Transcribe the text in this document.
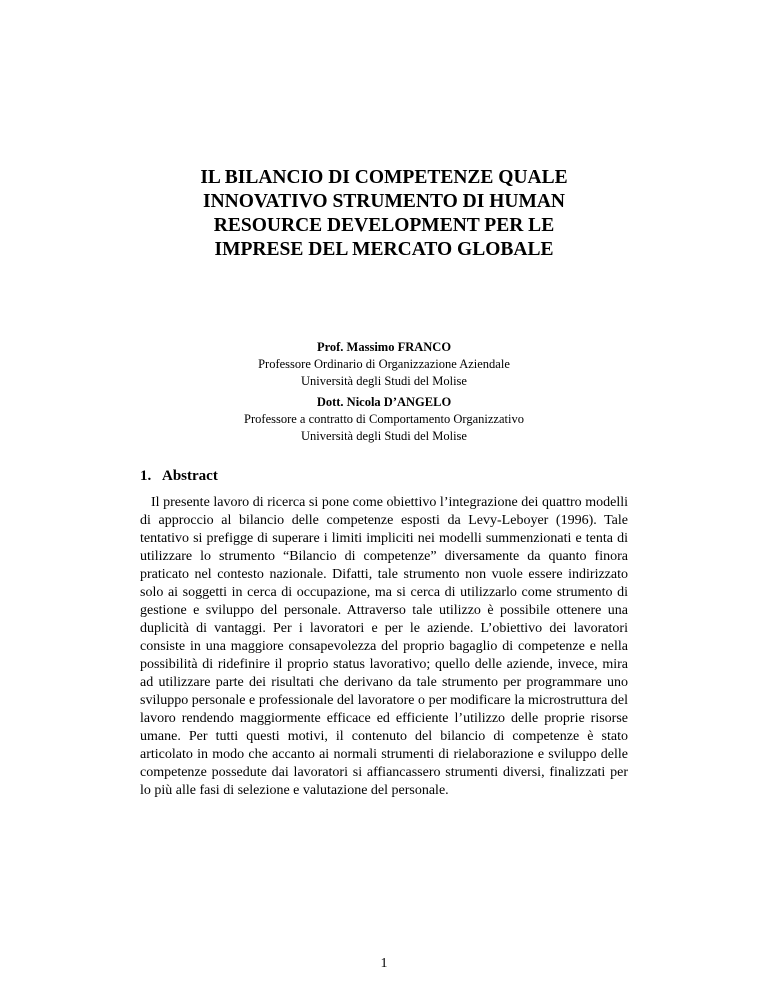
IL BILANCIO DI COMPETENZE QUALE
INNOVATIVO STRUMENTO DI HUMAN
RESOURCE DEVELOPMENT PER LE
IMPRESE DEL MERCATO GLOBALE
Prof. Massimo FRANCO
Professore Ordinario di Organizzazione Aziendale
Università degli Studi del Molise
Dott. Nicola D’ANGELO
Professore a contratto di Comportamento Organizzativo
Università degli Studi del Molise
1. Abstract

Il presente lavoro di ricerca si pone come obiettivo l’integrazione dei quattro modelli di approccio al bilancio delle competenze esposti da Levy-Leboyer (1996). Tale tentativo si prefigge di superare i limiti impliciti nei modelli summenzionati e tenta di utilizzare lo strumento “Bilancio di competenze” diversamente da quanto finora praticato nel contesto nazionale. Difatti, tale strumento non vuole essere indirizzato solo ai soggetti in cerca di occupazione, ma si cerca di utilizzarlo come strumento di gestione e sviluppo del personale. Attraverso tale utilizzo è possibile ottenere una duplicità di vantaggi. Per i lavoratori e per le aziende. L’obiettivo dei lavoratori consiste in una maggiore consapevolezza del proprio bagaglio di competenze e nella possibilità di ridefinire il proprio status lavorativo; quello delle aziende, invece, mira ad utilizzare parte dei risultati che derivano da tale strumento per programmare uno sviluppo personale e professionale del lavoratore o per modificare la microstruttura del lavoro rendendo maggiormente efficace ed efficiente l’utilizzo delle proprie risorse umane. Per tutti questi motivi, il contenuto del bilancio di competenze è stato articolato in modo che accanto ai normali strumenti di rielaborazione e sviluppo delle competenze possedute dai lavoratori si affiancassero strumenti diversi, finalizzati per lo più alle fasi di selezione e valutazione del personale.

1
